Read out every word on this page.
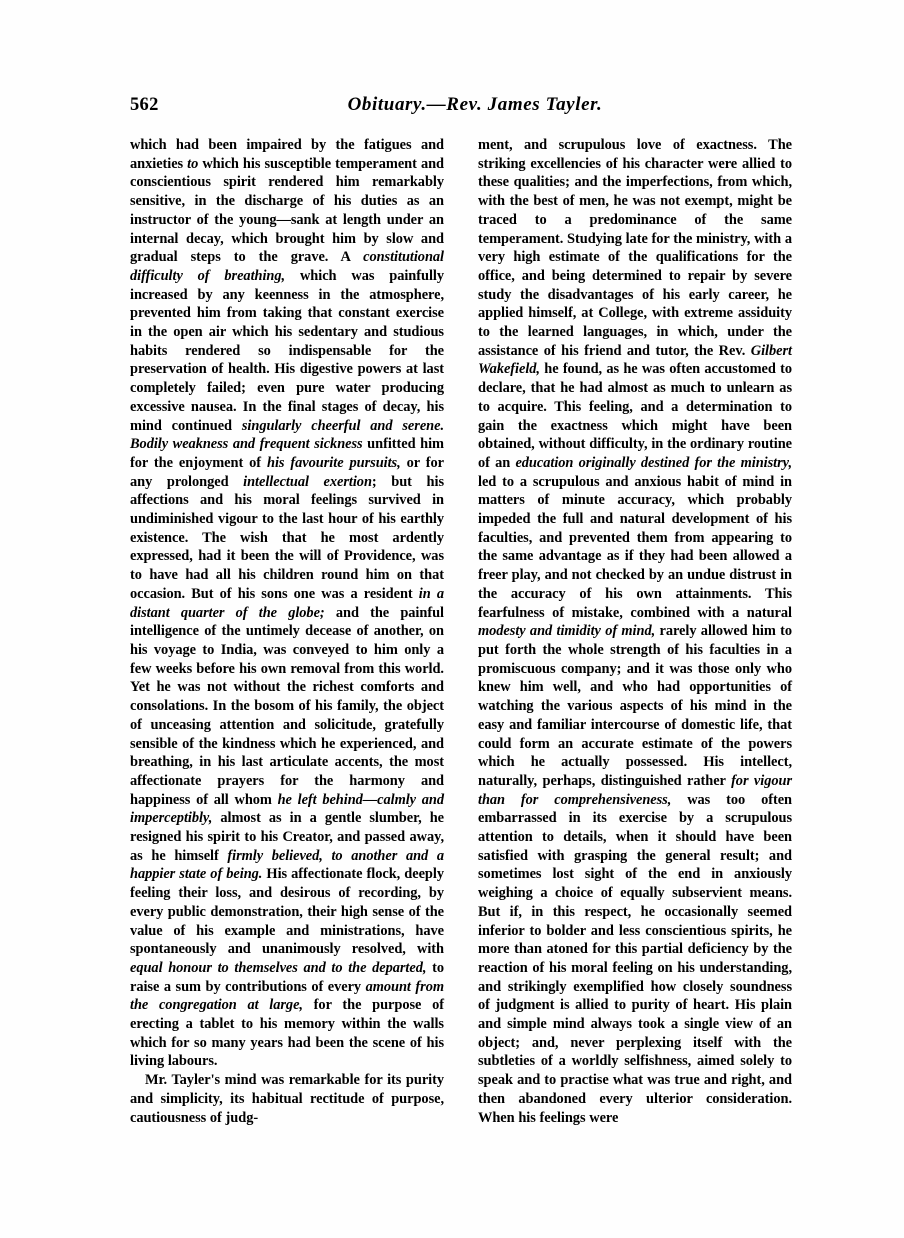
562	Obituary.—Rev. James Tayler.

which had been impaired by the fatigues and anxieties to which his susceptible temperament and conscientious spirit rendered him remarkably sensitive, in the discharge of his duties as an instructor of the young—sank at length under an internal decay, which brought him by slow and gradual steps to the grave. A constitutional difficulty of breathing, which was painfully increased by any keenness in the atmosphere, prevented him from taking that constant exercise in the open air which his sedentary and studious habits rendered so indispensable for the preservation of health. His digestive powers at last completely failed; even pure water producing excessive nausea. In the final stages of decay, his mind continued singularly cheerful and serene. Bodily weakness and frequent sickness unfitted him for the enjoyment of his favourite pursuits, or for any prolonged intellectual exertion; but his affections and his moral feelings survived in undiminished vigour to the last hour of his earthly existence. The wish that he most ardently expressed, had it been the will of Providence, was to have had all his children round him on that occasion. But of his sons one was a resident in a distant quarter of the globe; and the painful intelligence of the untimely decease of another, on his voyage to India, was conveyed to him only a few weeks before his own removal from this world. Yet he was not without the richest comforts and consolations. In the bosom of his family, the object of unceasing attention and solicitude, gratefully sensible of the kindness which he experienced, and breathing, in his last articulate accents, the most affectionate prayers for the harmony and happiness of all whom he left behind—calmly and imperceptibly, almost as in a gentle slumber, he resigned his spirit to his Creator, and passed away, as he himself firmly believed, to another and a happier state of being. His affectionate flock, deeply feeling their loss, and desirous of recording, by every public demonstration, their high sense of the value of his example and ministrations, have spontaneously and unanimously resolved, with equal honour to themselves and to the departed, to raise a sum by contributions of every amount from the congregation at large, for the purpose of erecting a tablet to his memory within the walls which for so many years had been the scene of his living labours.

Mr. Tayler's mind was remarkable for its purity and simplicity, its habitual rectitude of purpose, cautiousness of judg-

ment, and scrupulous love of exactness. The striking excellencies of his character were allied to these qualities; and the imperfections, from which, with the best of men, he was not exempt, might be traced to a predominance of the same temperament. Studying late for the ministry, with a very high estimate of the qualifications for the office, and being determined to repair by severe study the disadvantages of his early career, he applied himself, at College, with extreme assiduity to the learned languages, in which, under the assistance of his friend and tutor, the Rev. Gilbert Wakefield, he found, as he was often accustomed to declare, that he had almost as much to unlearn as to acquire. This feeling, and a determination to gain the exactness which might have been obtained, without difficulty, in the ordinary routine of an education originally destined for the ministry, led to a scrupulous and anxious habit of mind in matters of minute accuracy, which probably impeded the full and natural development of his faculties, and prevented them from appearing to the same advantage as if they had been allowed a freer play, and not checked by an undue distrust in the accuracy of his own attainments. This fearfulness of mistake, combined with a natural modesty and timidity of mind, rarely allowed him to put forth the whole strength of his faculties in a promiscuous company; and it was those only who knew him well, and who had opportunities of watching the various aspects of his mind in the easy and familiar intercourse of domestic life, that could form an accurate estimate of the powers which he actually possessed. His intellect, naturally, perhaps, distinguished rather for vigour than for comprehensiveness, was too often embarrassed in its exercise by a scrupulous attention to details, when it should have been satisfied with grasping the general result; and sometimes lost sight of the end in anxiously weighing a choice of equally subservient means. But if, in this respect, he occasionally seemed inferior to bolder and less conscientious spirits, he more than atoned for this partial deficiency by the reaction of his moral feeling on his understanding, and strikingly exemplified how closely soundness of judgment is allied to purity of heart. His plain and simple mind always took a single view of an object; and, never perplexing itself with the subtleties of a worldly selfishness, aimed solely to speak and to practise what was true and right, and then abandoned every ulterior consideration. When his feelings were
